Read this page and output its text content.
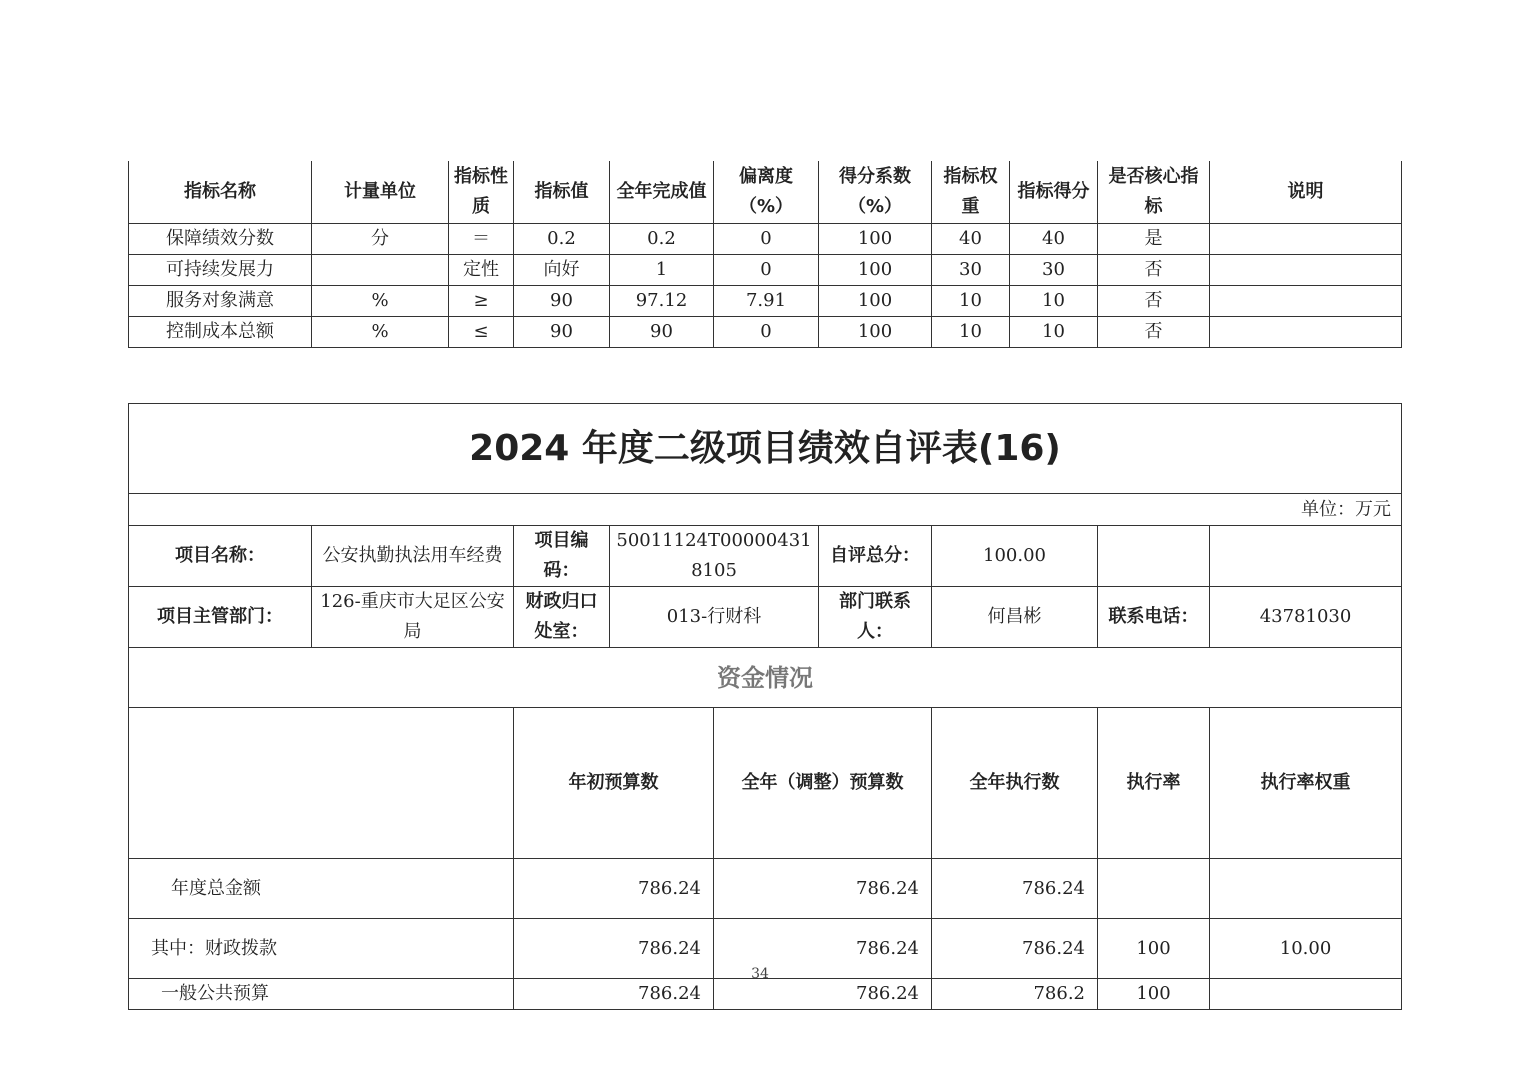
指标名称	计量单位	指标性质	指标值	全年完成值	偏离度（%）	得分系数（%）	指标权重	指标得分	是否核心指标	说明
保障绩效分数	分	＝	0.2	0.2	0	100	40	40	是	
可持续发展力		定性	向好	1	0	100	30	30	否	
服务对象满意	%	≥	90	97.12	7.91	100	10	10	否	
控制成本总额	%	≤	90	90	0	100	10	10	否	
2024 年度二级项目绩效自评表(16)									
单位：万元									
项目名称：	公安执勤执法用车经费	项目编码：	50011124T000004318105		自评总分：	100.00			
项目主管部门：	126-重庆市大足区公安局	财政归口处室：	013-行财科		部门联系人：	何昌彬	联系电话：	43781030	
资金情况									
		年初预算数		全年（调整）预算数		全年执行数	执行率	执行率权重	
年度总金额		786.24		786.24		786.24			
其中：财政拨款		786.24		786.24		786.24	100	10.00	
一般公共预算		786.24		786.24		786.2	100		
34
